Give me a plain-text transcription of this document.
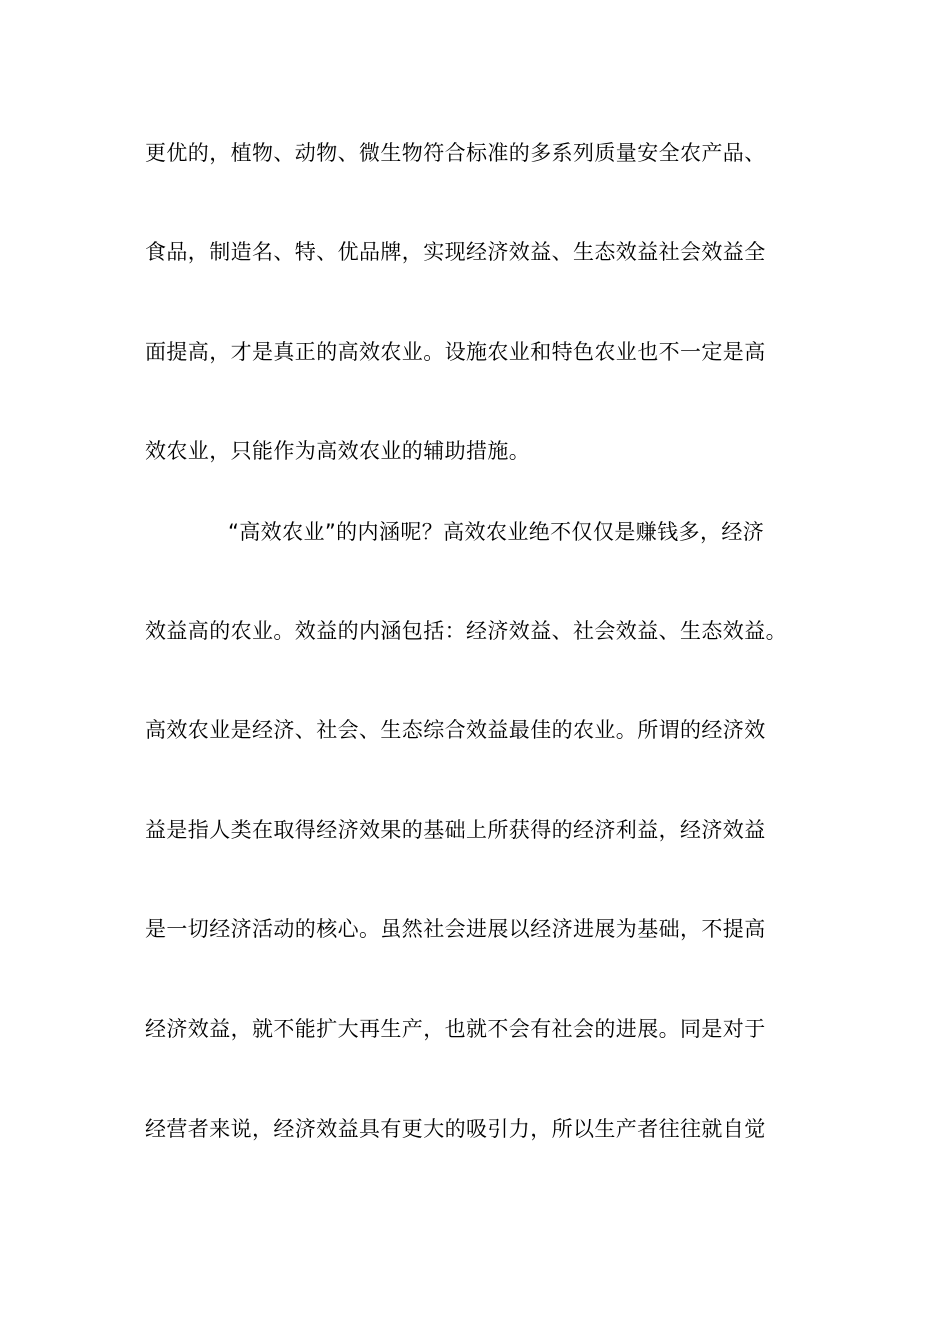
更优的，植物、动物、微生物符合标准的多系列质量安全农产品、
食品，制造名、特、优品牌，实现经济效益、生态效益社会效益全
面提高，才是真正的高效农业。设施农业和特色农业也不一定是高
效农业，只能作为高效农业的辅助措施。
“高效农业”的内涵呢？高效农业绝不仅仅是赚钱多，经济
效益高的农业。效益的内涵包括：经济效益、社会效益、生态效益。
高效农业是经济、社会、生态综合效益最佳的农业。所谓的经济效
益是指人类在取得经济效果的基础上所获得的经济利益，经济效益
是一切经济活动的核心。虽然社会进展以经济进展为基础，不提高
经济效益，就不能扩大再生产，也就不会有社会的进展。同是对于
经营者来说，经济效益具有更大的吸引力，所以生产者往往就自觉
